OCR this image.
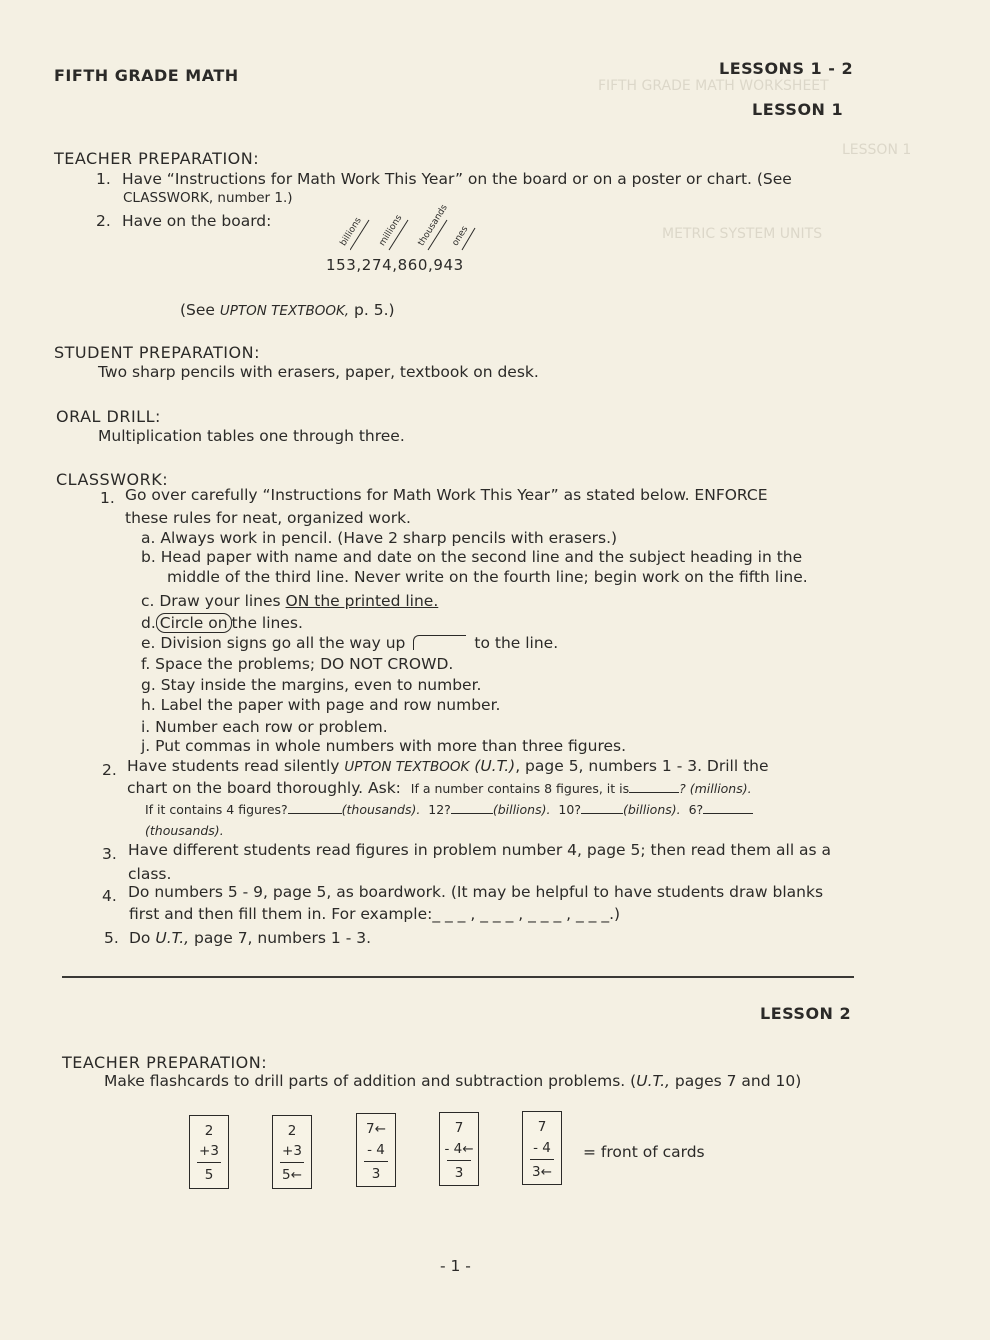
FIFTH GRADE MATH WORKSHEET
LESSON 1
METRIC SYSTEM UNITS
FIFTH GRADE MATH	LESSONS 1 - 2
LESSON 1
TEACHER PREPARATION:
1. Have “Instructions for Math Work This Year” on the board or on a poster or chart. (See
CLASSWORK, number 1.)
2. Have on the board:	billions millions thousands ones
153,274,860,943
(See UPTON TEXTBOOK, p. 5.)
STUDENT PREPARATION:
Two sharp pencils with erasers, paper, textbook on desk.
ORAL DRILL:
Multiplication tables one through three.
CLASSWORK:
1. Go over carefully “Instructions for Math Work This Year” as stated below. ENFORCE
these rules for neat, organized work.
a. Always work in pencil. (Have 2 sharp pencils with erasers.)
b. Head paper with name and date on the second line and the subject heading in the
middle of the third line. Never write on the fourth line; begin work on the fifth line.
c. Draw your lines ON the printed line.
d. Circle on the lines.
e. Division signs go all the way up	to the line.
f. Space the problems; DO NOT CROWD.
g. Stay inside the margins, even to number.
h. Label the paper with page and row number.
i. Number each row or problem.
j. Put commas in whole numbers with more than three figures.
2. Have students read silently UPTON TEXTBOOK (U.T.), page 5, numbers 1 - 3. Drill the
chart on the board thoroughly. Ask: If a number contains 8 figures, it is	? (millions).
If it contains 4 figures?	(thousands). 12?	(billions). 10?	(billions). 6?
(thousands).
3. Have different students read figures in problem number 4, page 5; then read them all as a
class.
4. Do numbers 5 - 9, page 5, as boardwork. (It may be helpful to have students draw blanks
first and then fill them in. For example:_ _ _ , _ _ _ , _ _ _ , _ _ _.)
5. Do U.T., page 7, numbers 1 - 3.
LESSON 2
TEACHER PREPARATION:
Make flashcards to drill parts of addition and subtraction problems. (U.T., pages 7 and 10)
2
+3
5
2
+3
5←
7←
- 4
3
7
- 4←
3
7
- 4
3←
= front of cards
- 1 -
